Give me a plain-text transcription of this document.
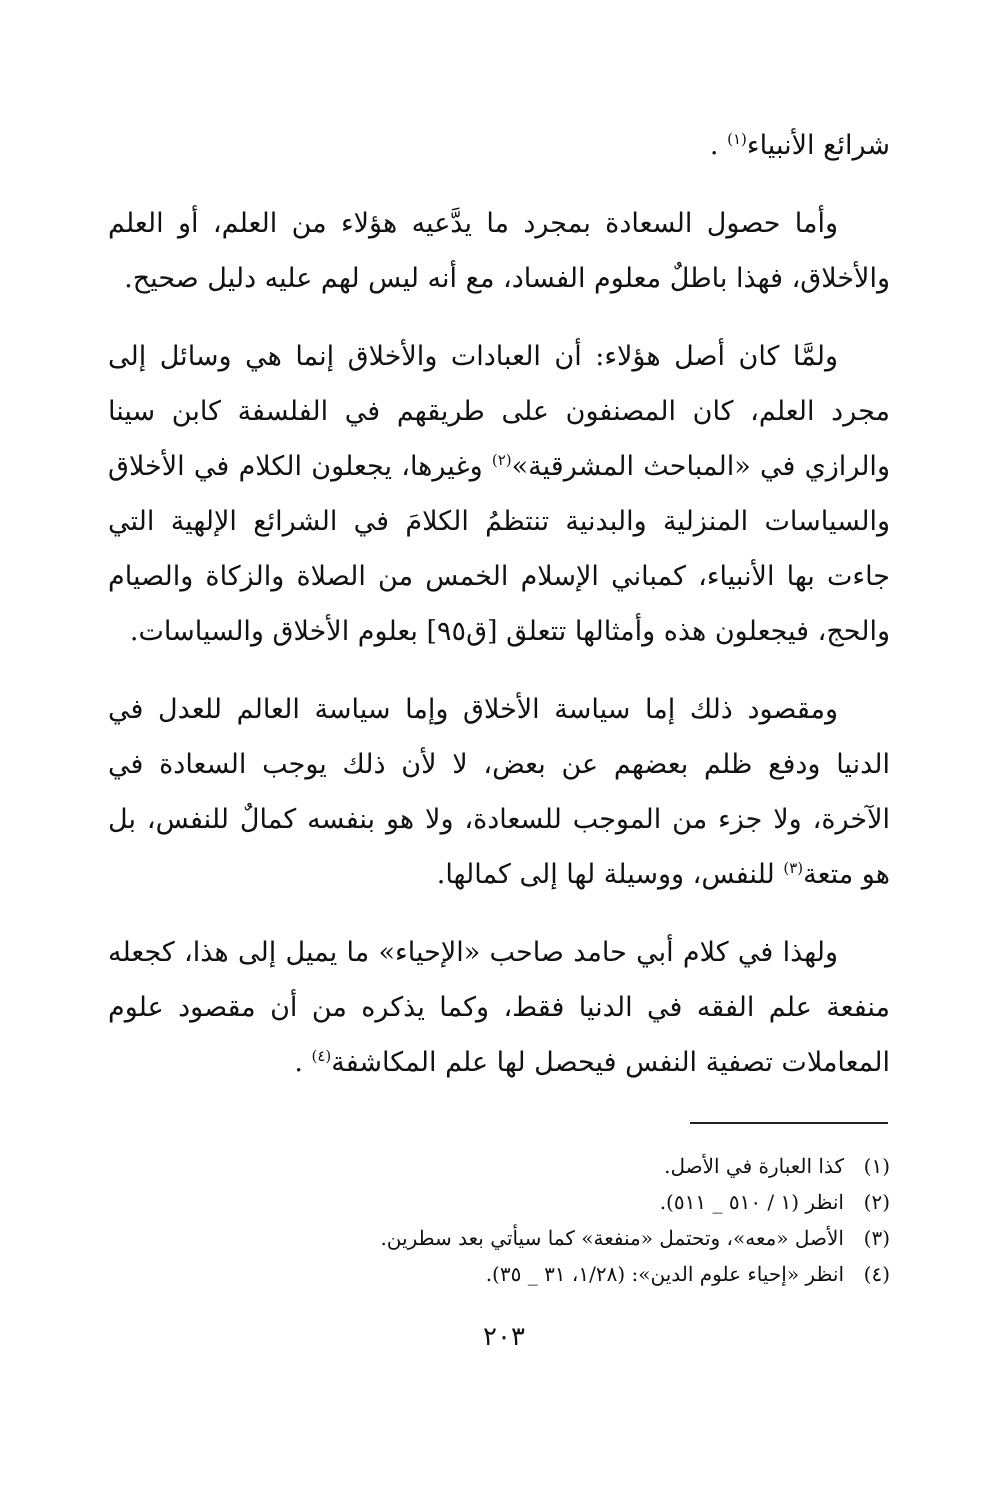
شرائع الأنبياء$^{(١)}$ .

وأما حصول السعادة بمجرد ما يدَّعيه هؤلاء من العلم، أو العلم والأخلاق، فهذا باطلٌ معلوم الفساد، مع أنه ليس لهم عليه دليل صحيح.

ولمَّا كان أصل هؤلاء: أن العبادات والأخلاق إنما هي وسائل إلى مجرد العلم، كان المصنفون على طريقهم في الفلسفة كابن سينا والرازي في «المباحث المشرقية»$^{(٢)}$ وغيرها، يجعلون الكلام في الأخلاق والسياسات المنزلية والبدنية تنتظمُ الكلامَ في الشرائع الإلهية التي جاءت بها الأنبياء، كمباني الإسلام الخمس من الصلاة والزكاة والصيام والحج، فيجعلون هذه وأمثالها تتعلق [ق٩٥] بعلوم الأخلاق والسياسات.

ومقصود ذلك إما سياسة الأخلاق وإما سياسة العالم للعدل في الدنيا ودفع ظلم بعضهم عن بعض، لا لأن ذلك يوجب السعادة في الآخرة، ولا جزء من الموجب للسعادة، ولا هو بنفسه كمالٌ للنفس، بل هو متعة$^{(٣)}$ للنفس، ووسيلة لها إلى كمالها.

ولهذا في كلام أبي حامد صاحب «الإحياء» ما يميل إلى هذا، كجعله منفعة علم الفقه في الدنيا فقط، وكما يذكره من أن مقصود علوم المعاملات تصفية النفس فيحصل لها علم المكاشفة$^{(٤)}$ .

(١)كذا العبارة في الأصل.
(٢)انظر (١ / ٥١٠ _ ٥١١).
(٣)الأصل «معه»، وتحتمل «منفعة» كما سيأتي بعد سطرين.
(٤)انظر «إحياء علوم الدين»: (١/٢٨، ٣١ _ ٣٥).
٢٠٣
